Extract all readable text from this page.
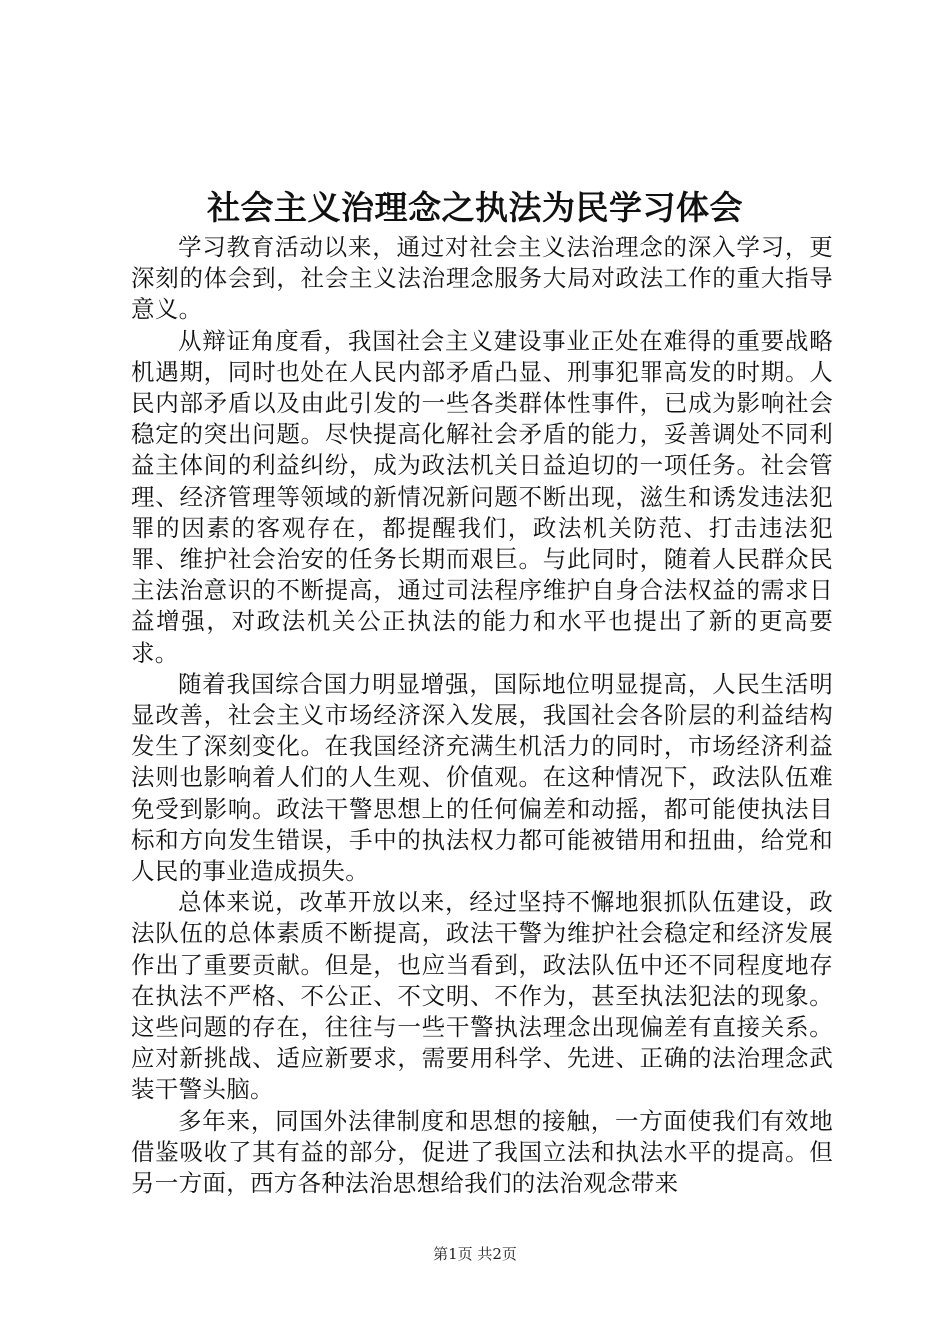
社会主义治理念之执法为民学习体会

学习教育活动以来，通过对社会主义法治理念的深入学习，更深刻的体会到，社会主义法治理念服务大局对政法工作的重大指导意义。

从辩证角度看，我国社会主义建设事业正处在难得的重要战略机遇期，同时也处在人民内部矛盾凸显、刑事犯罪高发的时期。人民内部矛盾以及由此引发的一些各类群体性事件，已成为影响社会稳定的突出问题。尽快提高化解社会矛盾的能力，妥善调处不同利益主体间的利益纠纷，成为政法机关日益迫切的一项任务。社会管理、经济管理等领域的新情况新问题不断出现，滋生和诱发违法犯罪的因素的客观存在，都提醒我们，政法机关防范、打击违法犯罪、维护社会治安的任务长期而艰巨。与此同时，随着人民群众民主法治意识的不断提高，通过司法程序维护自身合法权益的需求日益增强，对政法机关公正执法的能力和水平也提出了新的更高要求。

随着我国综合国力明显增强，国际地位明显提高，人民生活明显改善，社会主义市场经济深入发展，我国社会各阶层的利益结构发生了深刻变化。在我国经济充满生机活力的同时，市场经济利益法则也影响着人们的人生观、价值观。在这种情况下，政法队伍难免受到影响。政法干警思想上的任何偏差和动摇，都可能使执法目标和方向发生错误，手中的执法权力都可能被错用和扭曲，给党和人民的事业造成损失。

总体来说，改革开放以来，经过坚持不懈地狠抓队伍建设，政法队伍的总体素质不断提高，政法干警为维护社会稳定和经济发展作出了重要贡献。但是，也应当看到，政法队伍中还不同程度地存在执法不严格、不公正、不文明、不作为，甚至执法犯法的现象。这些问题的存在，往往与一些干警执法理念出现偏差有直接关系。应对新挑战、适应新要求，需要用科学、先进、正确的法治理念武装干警头脑。

多年来，同国外法律制度和思想的接触，一方面使我们有效地借鉴吸收了其有益的部分，促进了我国立法和执法水平的提高。但另一方面，西方各种法治思想给我们的法治观念带来

第1页 共2页
